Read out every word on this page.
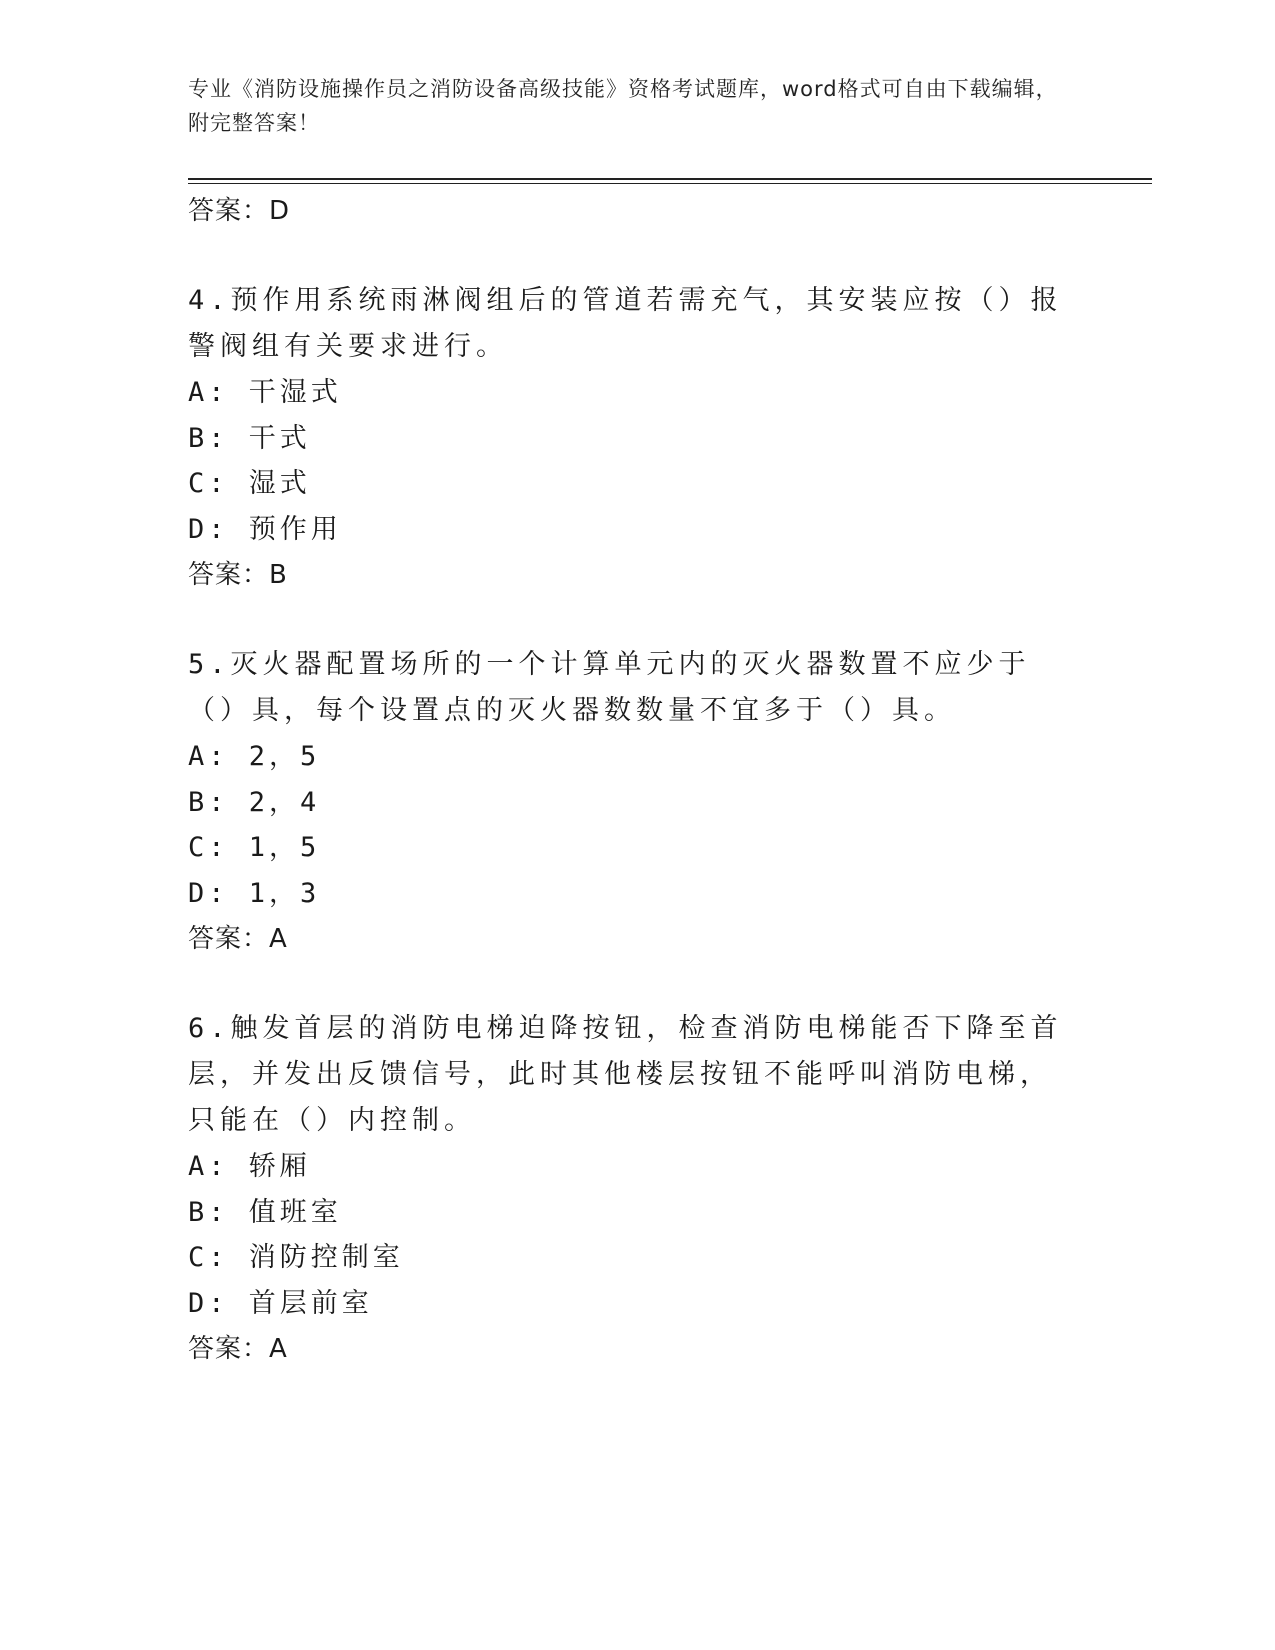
专业《消防设施操作员之消防设备高级技能》资格考试题库，word格式可自由下载编辑，附完整答案！
答案：D
4.预作用系统雨淋阀组后的管道若需充气，其安装应按（）报警阀组有关要求进行。
A: 干湿式
B: 干式
C: 湿式
D: 预作用
答案：B
5.灭火器配置场所的一个计算单元内的灭火器数置不应少于（）具，每个设置点的灭火器数数量不宜多于（）具。
A: 2，5
B: 2，4
C: 1，5
D: 1，3
答案：A
6.触发首层的消防电梯迫降按钮，检查消防电梯能否下降至首层，并发出反馈信号，此时其他楼层按钮不能呼叫消防电梯，只能在（）内控制。
A: 轿厢
B: 值班室
C: 消防控制室
D: 首层前室
答案：A
